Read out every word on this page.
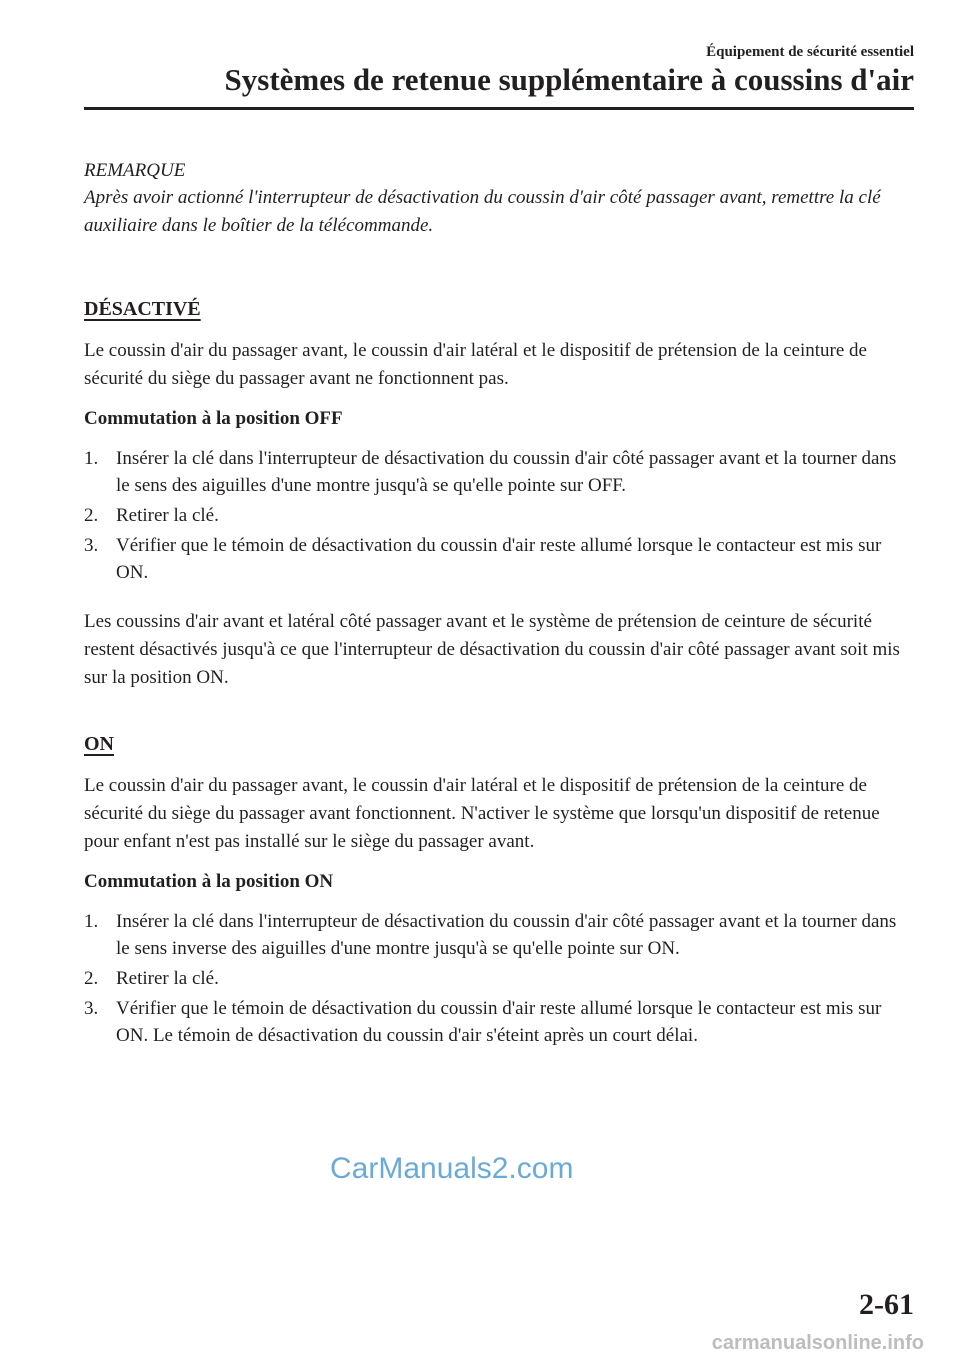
Équipement de sécurité essentiel
Systèmes de retenue supplémentaire à coussins d'air
REMARQUE

Après avoir actionné l'interrupteur de désactivation du coussin d'air côté passager avant, remettre la clé auxiliaire dans le boîtier de la télécommande.

DÉSACTIVÉ

Le coussin d'air du passager avant, le coussin d'air latéral et le dispositif de prétension de la ceinture de sécurité du siège du passager avant ne fonctionnent pas.

Commutation à la position OFF
1. Insérer la clé dans l'interrupteur de désactivation du coussin d'air côté passager avant et la tourner dans le sens des aiguilles d'une montre jusqu'à se qu'elle pointe sur OFF.
2. Retirer la clé.
3. Vérifier que le témoin de désactivation du coussin d'air reste allumé lorsque le contacteur est mis sur ON.

Les coussins d'air avant et latéral côté passager avant et le système de prétension de ceinture de sécurité restent désactivés jusqu'à ce que l'interrupteur de désactivation du coussin d'air côté passager avant soit mis sur la position ON.

ON

Le coussin d'air du passager avant, le coussin d'air latéral et le dispositif de prétension de la ceinture de sécurité du siège du passager avant fonctionnent. N'activer le système que lorsqu'un dispositif de retenue pour enfant n'est pas installé sur le siège du passager avant.

Commutation à la position ON
1. Insérer la clé dans l'interrupteur de désactivation du coussin d'air côté passager avant et la tourner dans le sens inverse des aiguilles d'une montre jusqu'à se qu'elle pointe sur ON.
2. Retirer la clé.
3. Vérifier que le témoin de désactivation du coussin d'air reste allumé lorsque le contacteur est mis sur ON. Le témoin de désactivation du coussin d'air s'éteint après un court délai.
CarManuals2.com
2-61
carmanualsonline.info
